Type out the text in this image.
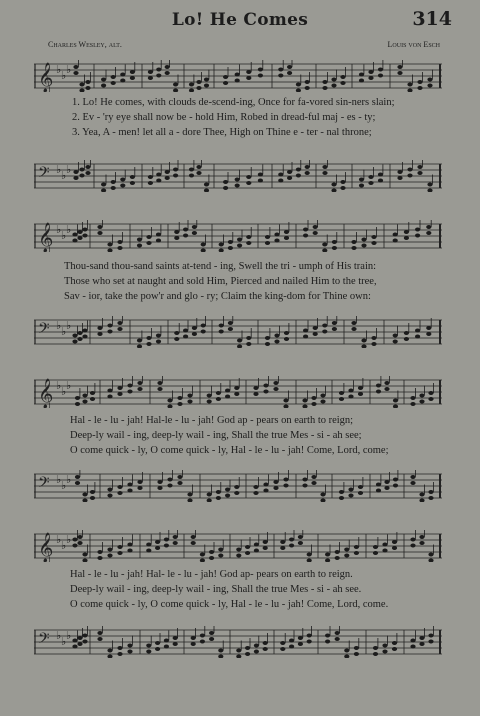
Lo! He Comes	314
Charles Wesley, alt.	Louis von Esch
𝄞 ♭ ♭ ♭
1. Lo! He comes, with clouds de-scend-ing, Once for fa-vored sin-ners slain;
2. Ev - 'ry eye shall now be - hold Him, Robed in dread-ful maj - es - ty;
3. Yea, A - men! let all a - dore Thee, High on Thine e - ter - nal throne;
𝄢 ♭ ♭ ♭
𝄞 ♭ ♭ ♭
Thou-sand thou-sand saints at-tend - ing, Swell the tri - umph of His train:
Those who set at naught and sold Him, Pierced and nailed Him to the tree,
Sav - ior, take the pow'r and glo - ry; Claim the king-dom for Thine own:
𝄢 ♭ ♭ ♭
𝄞 ♭ ♭ ♭
Hal - le - lu - jah! Hal-le - lu - jah! God ap - pears on earth to reign;
Deep-ly wail - ing, deep-ly wail - ing, Shall the true Mes - si - ah see;
O come quick - ly, O come quick - ly, Hal - le - lu - jah! Come, Lord, come;
𝄢 ♭ ♭ ♭
𝄞 ♭ ♭ ♭
Hal - le - lu - jah! Hal- le - lu - jah! God ap- pears on earth to reign.
Deep-ly wail - ing, deep-ly wail - ing, Shall the true Mes - si - ah see.
O come quick - ly, O come quick - ly, Hal - le - lu - jah! Come, Lord, come.
𝄢 ♭ ♭ ♭
